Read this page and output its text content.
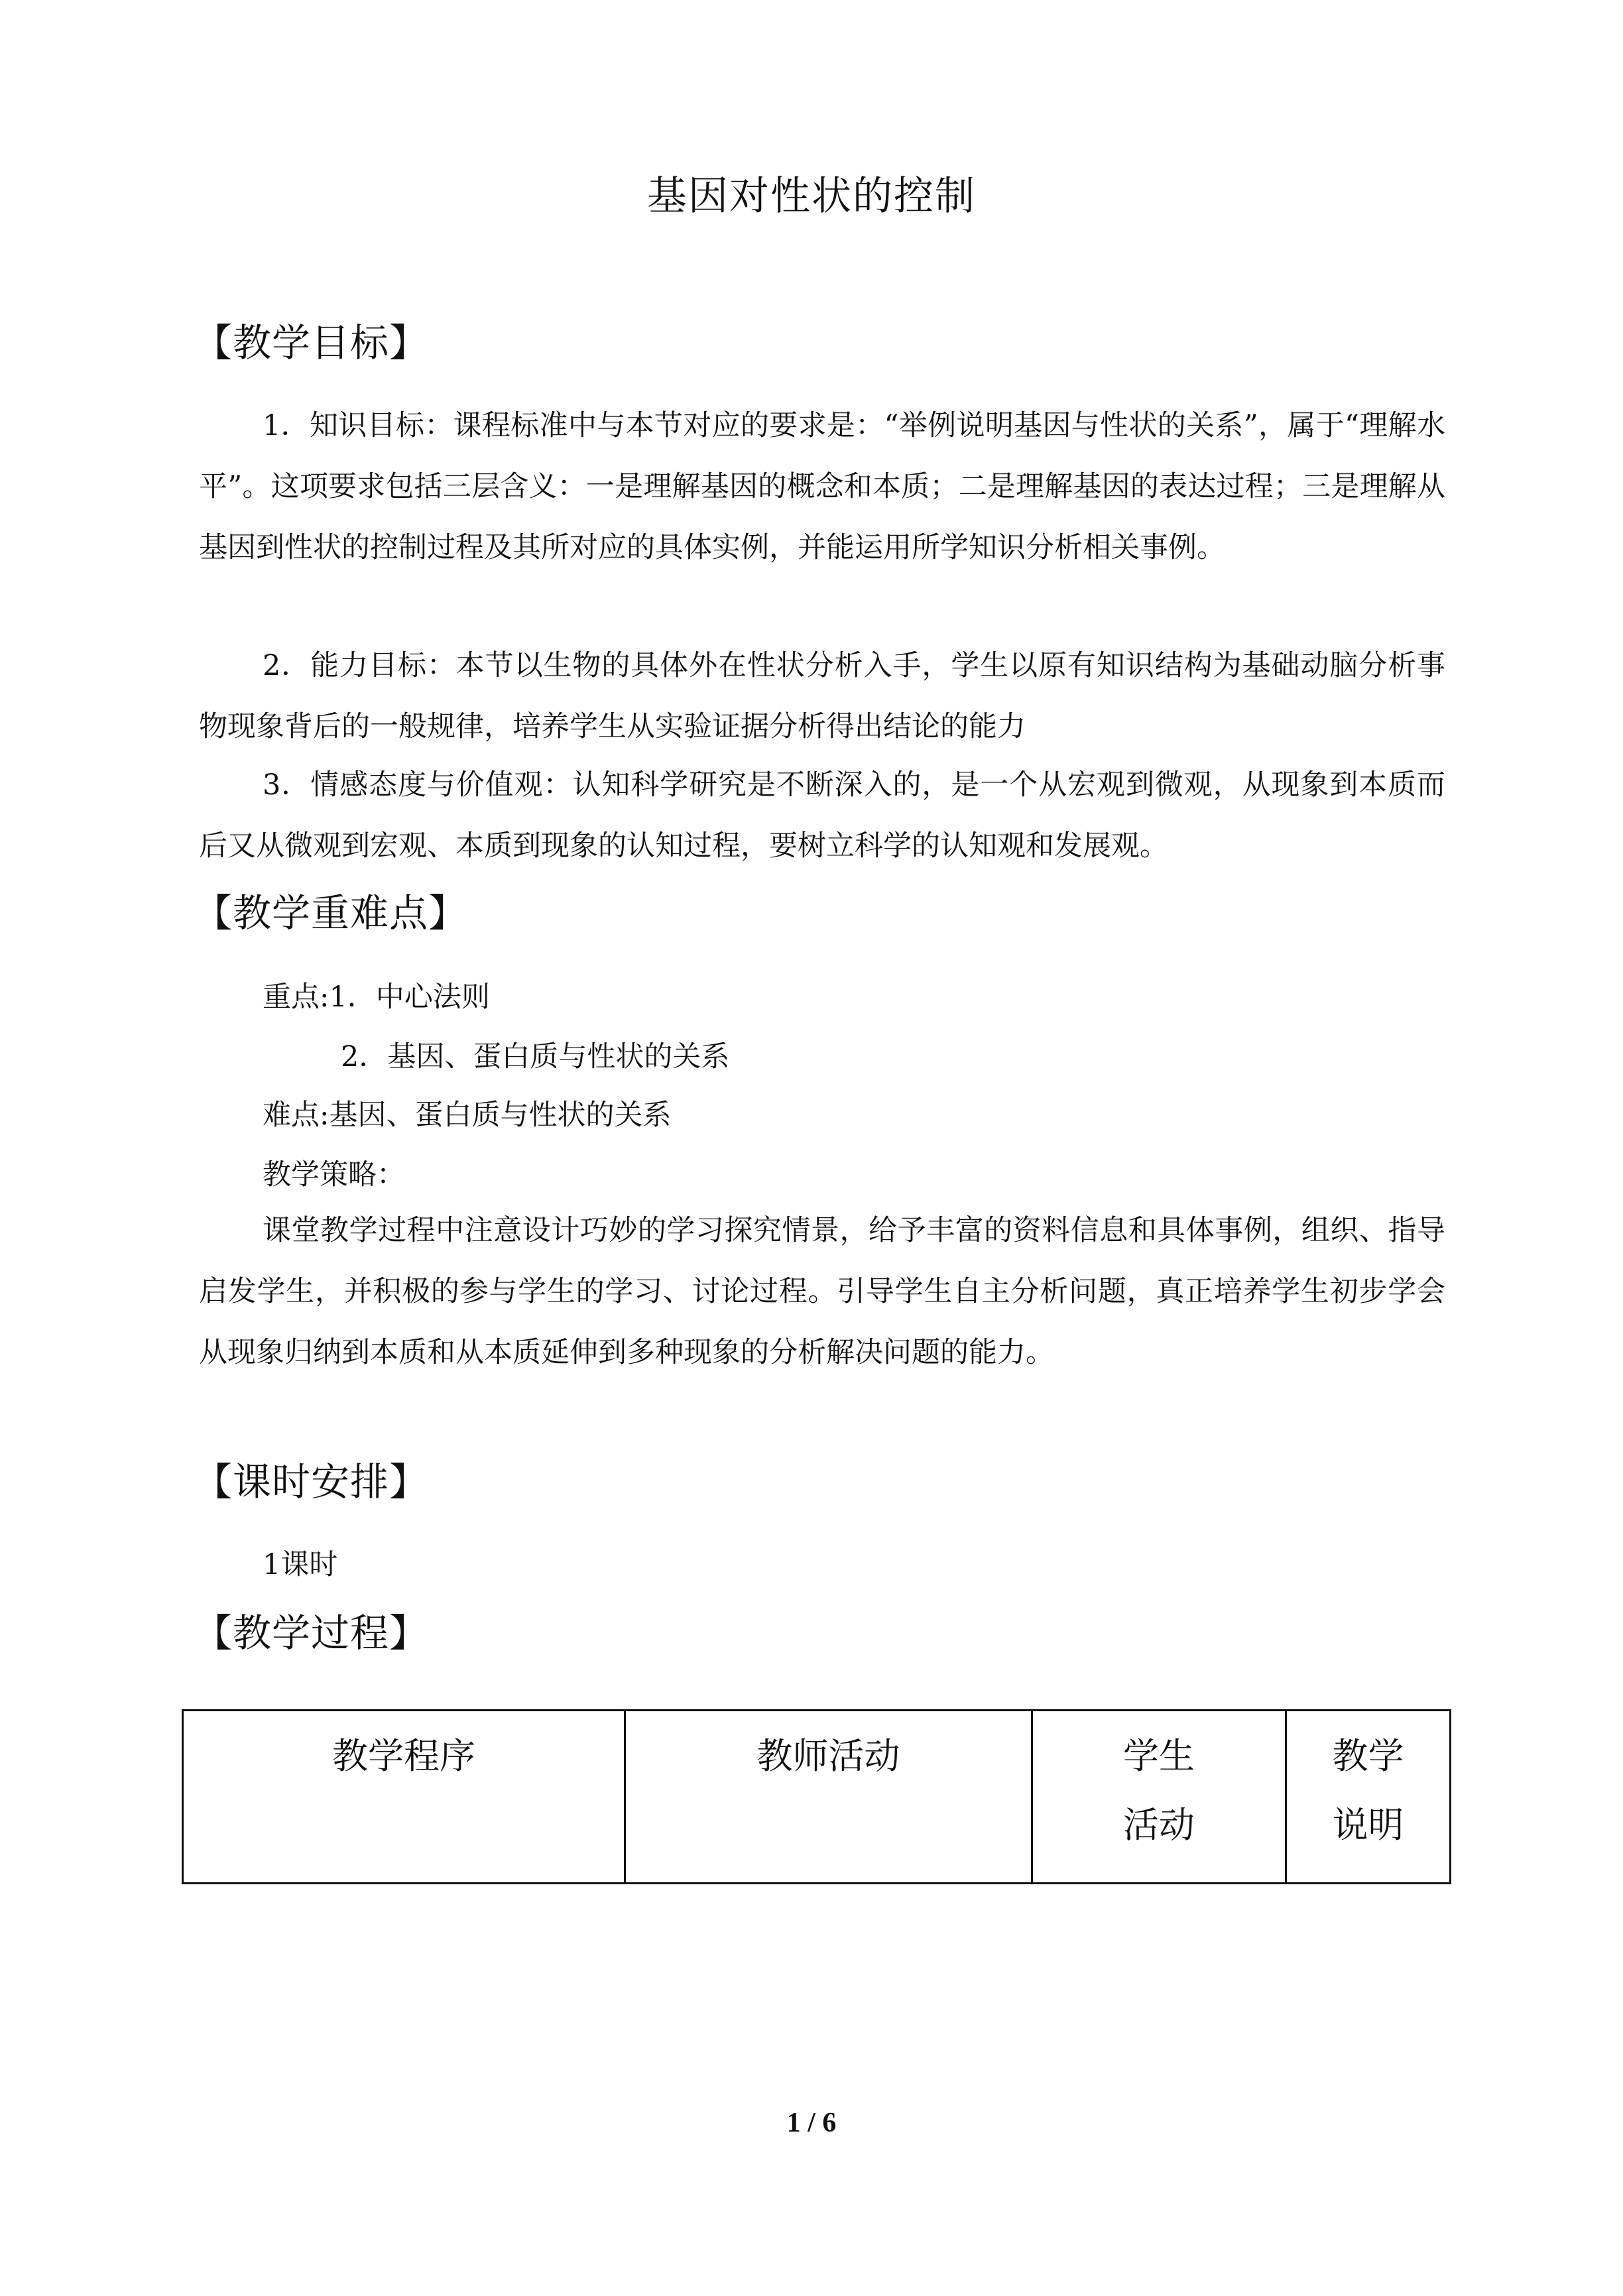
基因对性状的控制
【教学目标】
1．知识目标：课程标准中与本节对应的要求是：“举例说明基因与性状的关系”，属于“理解水平”。这项要求包括三层含义：一是理解基因的概念和本质；二是理解基因的表达过程；三是理解从基因到性状的控制过程及其所对应的具体实例，并能运用所学知识分析相关事例。
2．能力目标：本节以生物的具体外在性状分析入手，学生以原有知识结构为基础动脑分析事物现象背后的一般规律，培养学生从实验证据分析得出结论的能力
3．情感态度与价值观：认知科学研究是不断深入的，是一个从宏观到微观，从现象到本质而后又从微观到宏观、本质到现象的认知过程，要树立科学的认知观和发展观。
【教学重难点】
重点:1．中心法则
2．基因、蛋白质与性状的关系
难点:基因、蛋白质与性状的关系
教学策略：
课堂教学过程中注意设计巧妙的学习探究情景，给予丰富的资料信息和具体事例，组织、指导启发学生，并积极的参与学生的学习、讨论过程。引导学生自主分析问题，真正培养学生初步学会从现象归纳到本质和从本质延伸到多种现象的分析解决问题的能力。
【课时安排】
1课时
【教学过程】
教学程序	教师活动	学生活动	教学说明
1 / 6
